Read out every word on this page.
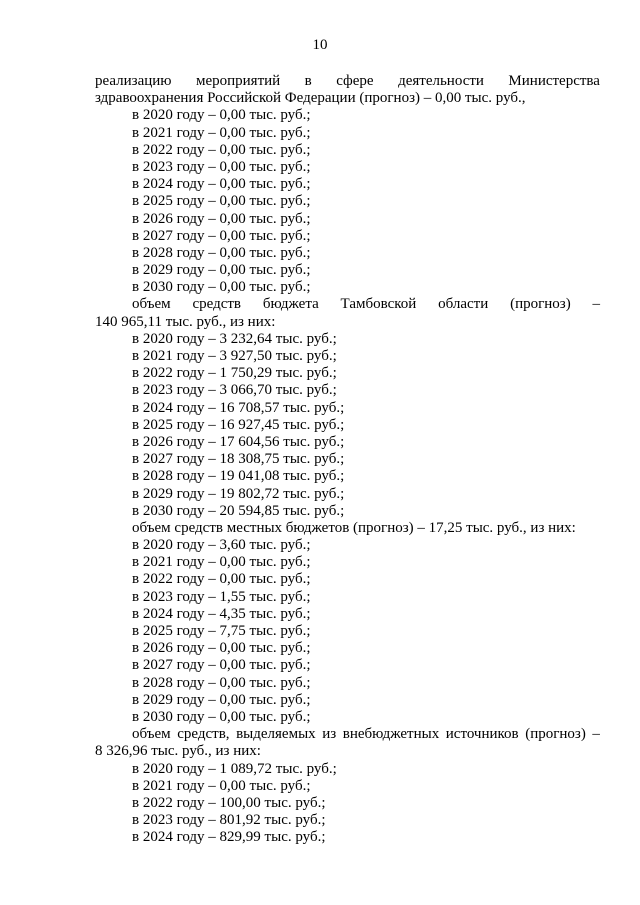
10
реализацию мероприятий в сфере деятельности Министерства
здравоохранения Российской Федерации (прогноз) – 0,00 тыс. руб.,
в 2020 году – 0,00 тыс. руб.;
в 2021 году – 0,00 тыс. руб.;
в 2022 году – 0,00 тыс. руб.;
в 2023 году – 0,00 тыс. руб.;
в 2024 году – 0,00 тыс. руб.;
в 2025 году – 0,00 тыс. руб.;
в 2026 году – 0,00 тыс. руб.;
в 2027 году – 0,00 тыс. руб.;
в 2028 году – 0,00 тыс. руб.;
в 2029 году – 0,00 тыс. руб.;
в 2030 году – 0,00 тыс. руб.;
объем средств бюджета Тамбовской области (прогноз) –
140 965,11 тыс. руб., из них:
в 2020 году – 3 232,64 тыс. руб.;
в 2021 году – 3 927,50 тыс. руб.;
в 2022 году – 1 750,29 тыс. руб.;
в 2023 году – 3 066,70 тыс. руб.;
в 2024 году – 16 708,57 тыс. руб.;
в 2025 году – 16 927,45 тыс. руб.;
в 2026 году – 17 604,56 тыс. руб.;
в 2027 году – 18 308,75 тыс. руб.;
в 2028 году – 19 041,08 тыс. руб.;
в 2029 году – 19 802,72 тыс. руб.;
в 2030 году – 20 594,85 тыс. руб.;
объем средств местных бюджетов (прогноз) – 17,25 тыс. руб., из них:
в 2020 году – 3,60 тыс. руб.;
в 2021 году – 0,00 тыс. руб.;
в 2022 году – 0,00 тыс. руб.;
в 2023 году – 1,55 тыс. руб.;
в 2024 году – 4,35 тыс. руб.;
в 2025 году – 7,75 тыс. руб.;
в 2026 году – 0,00 тыс. руб.;
в 2027 году – 0,00 тыс. руб.;
в 2028 году – 0,00 тыс. руб.;
в 2029 году – 0,00 тыс. руб.;
в 2030 году – 0,00 тыс. руб.;
объем средств, выделяемых из внебюджетных источников (прогноз) –
8 326,96 тыс. руб., из них:
в 2020 году – 1 089,72 тыс. руб.;
в 2021 году – 0,00 тыс. руб.;
в 2022 году – 100,00 тыс. руб.;
в 2023 году – 801,92 тыс. руб.;
в 2024 году – 829,99 тыс. руб.;
